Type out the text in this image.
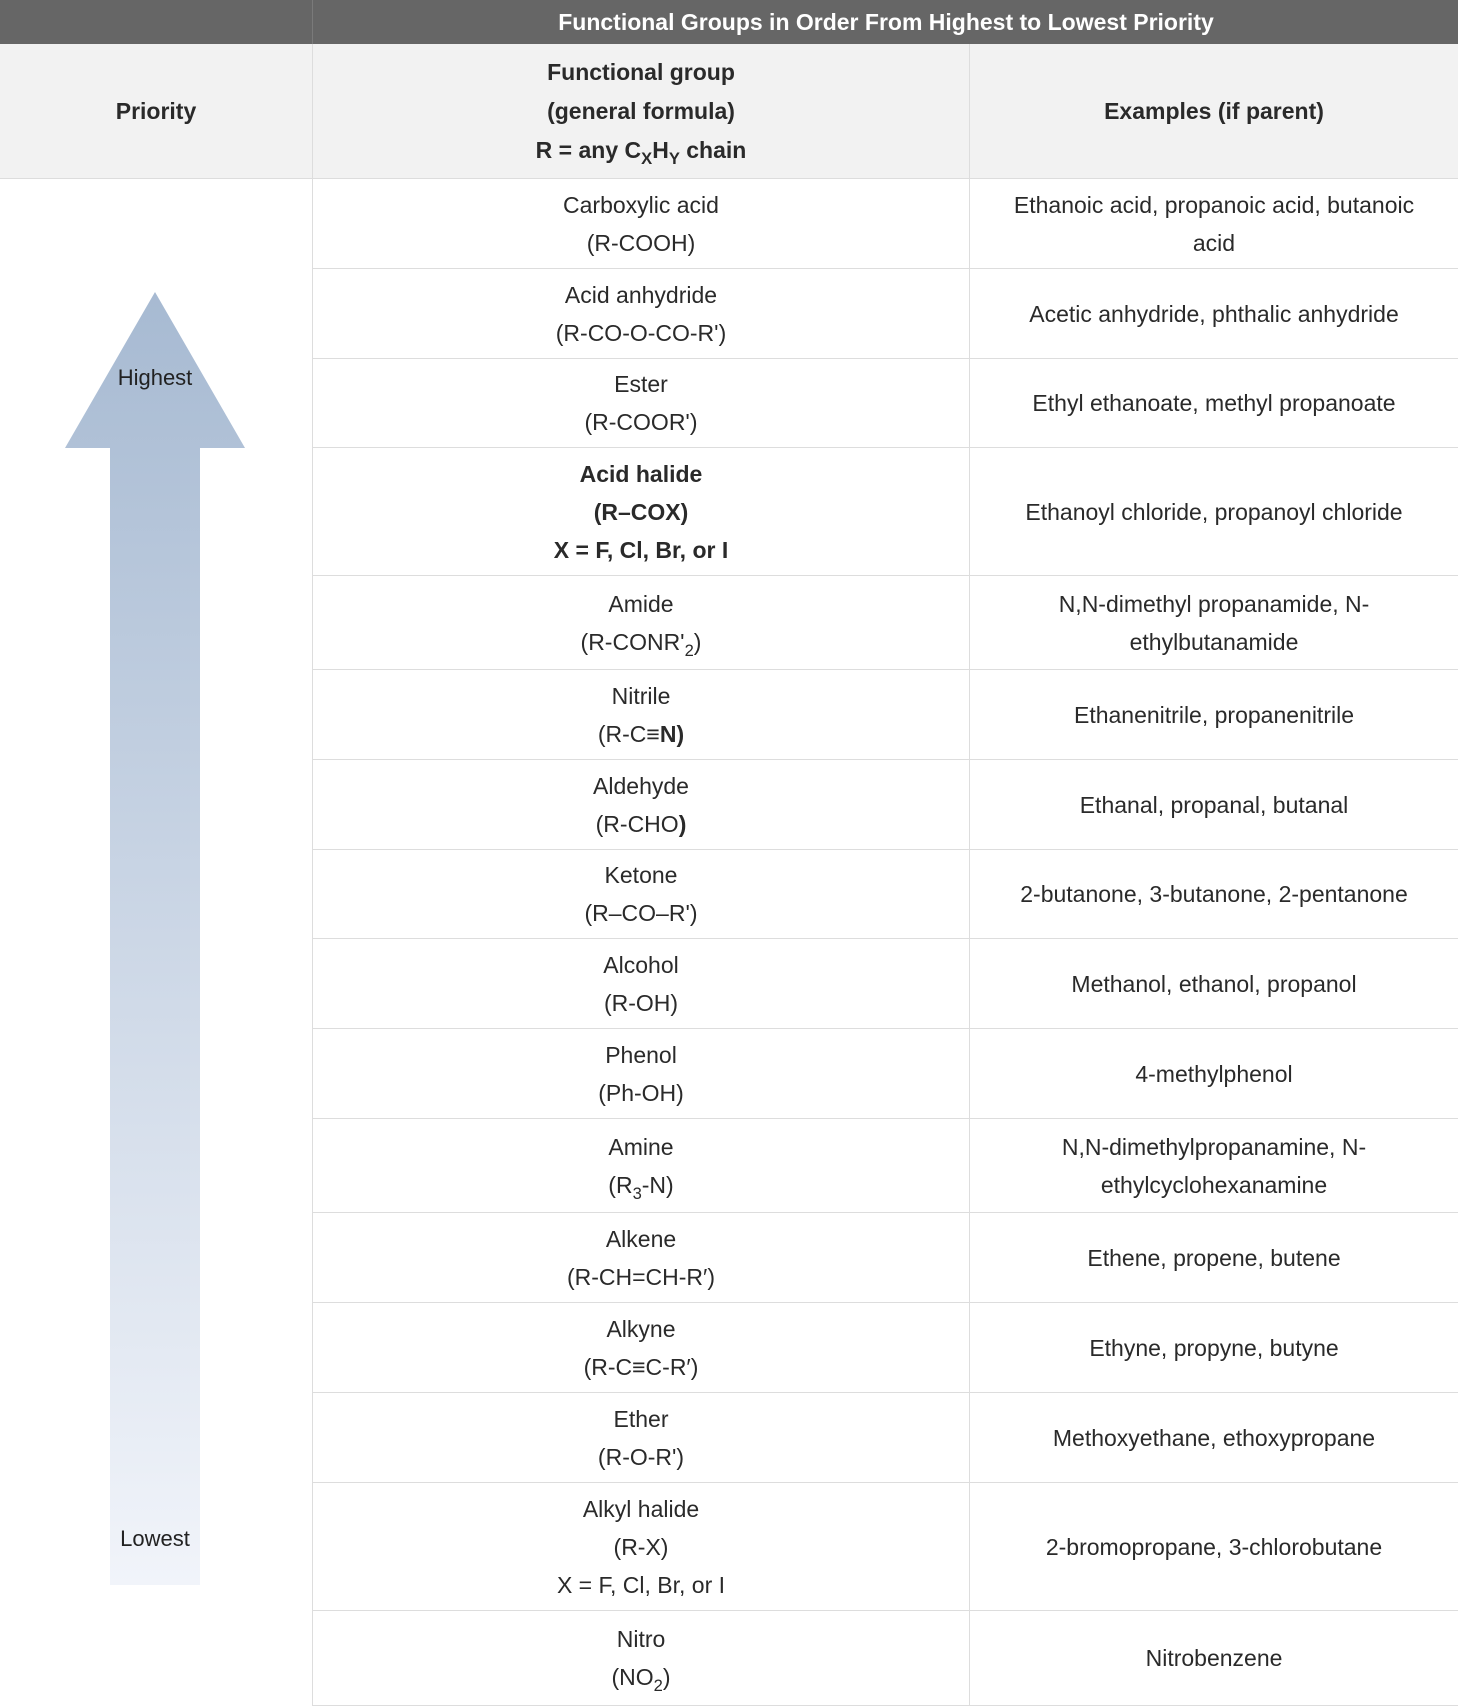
Functional Groups in Order From Highest to Lowest Priority
Priority
Functional group
(general formula)
R = any $C_XH_Y$ chain
Examples (if parent)
Highest
Lowest
Carboxylic acid
(R-COOH)
Ethanoic acid, propanoic acid, butanoic acid
Acid anhydride
(R-CO-O-CO-R')
Acetic anhydride, phthalic anhydride
Ester
(R-COOR')
Ethyl ethanoate, methyl propanoate
Acid halide
(R–COX)
X = F, Cl, Br, or I
Ethanoyl chloride, propanoyl chloride
Amide
$(R-CONR'_2)$
N,N-dimethyl propanamide, N-ethylbutanamide
Nitrile
(R-C≡N)
Ethanenitrile, propanenitrile
Aldehyde
(R-CHO)
Ethanal, propanal, butanal
Ketone
(R–CO–R')
2-butanone, 3-butanone, 2-pentanone
Alcohol
(R-OH)
Methanol, ethanol, propanol
Phenol
(Ph-OH)
4-methylphenol
Amine
$(R_3-N)$
N,N-dimethylpropanamine, N-ethylcyclohexanamine
Alkene
(R-CH=CH-R′)
Ethene, propene, butene
Alkyne
(R-C≡C-R′)
Ethyne, propyne, butyne
Ether
(R-O-R')
Methoxyethane, ethoxypropane
Alkyl halide
(R-X)
X = F, Cl, Br, or I
2-bromopropane, 3-chlorobutane
Nitro
$(NO_2)$
Nitrobenzene
